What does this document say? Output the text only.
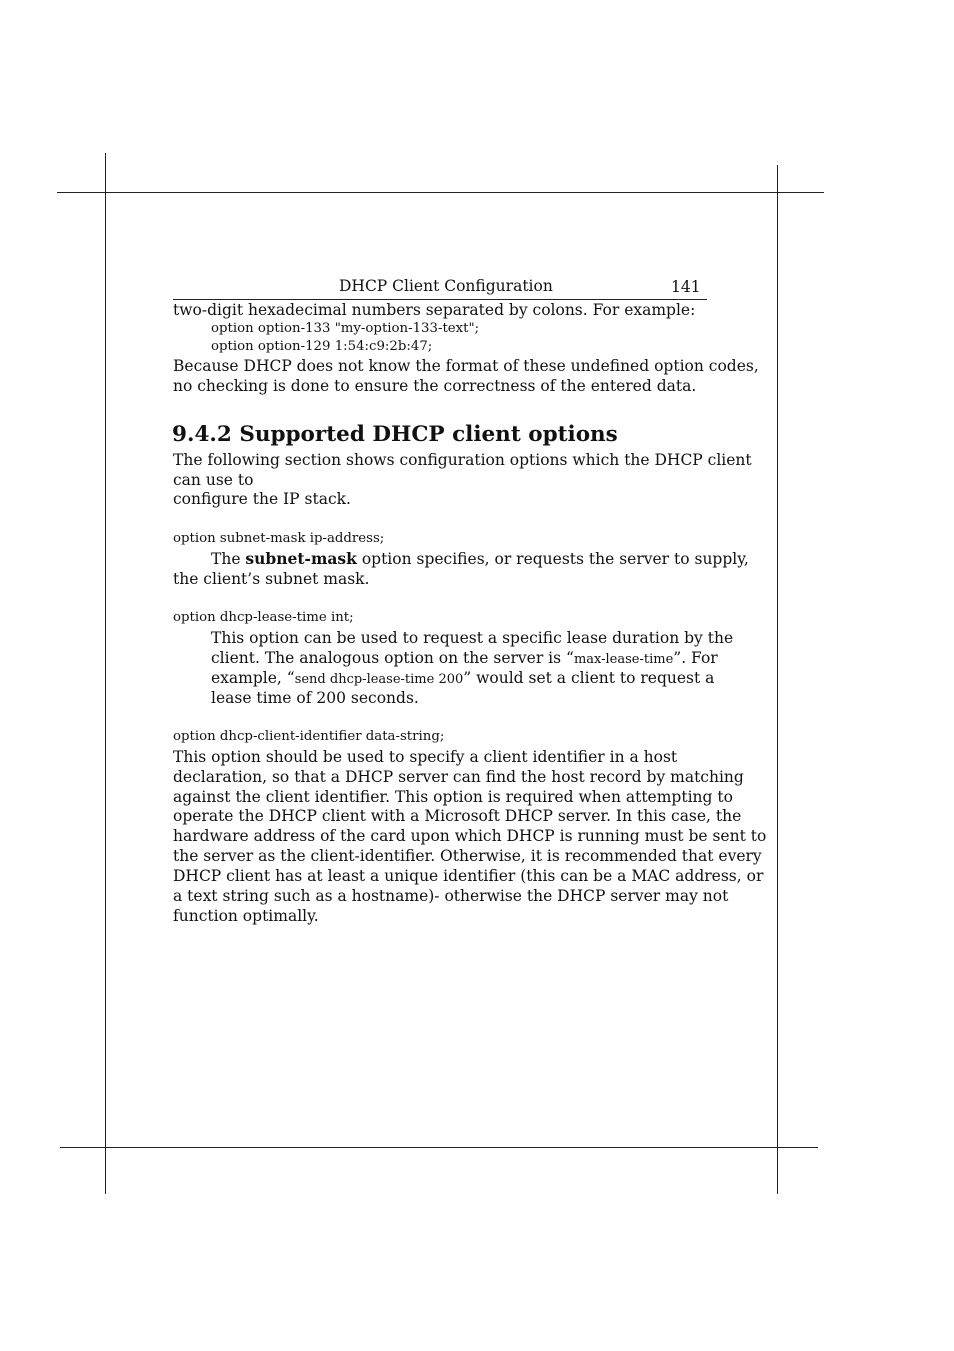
DHCP Client Configuration	141
two-digit hexadecimal numbers separated by colons. For example:
option option-133 "my-option-133-text";
option option-129 1:54:c9:2b:47;
Because DHCP does not know the format of these undefined option codes,
no checking is done to ensure the correctness of the entered data.
9.4.2 Supported DHCP client options
The following section shows configuration options which the DHCP client
can use to
configure the IP stack.
option subnet-mask ip-address;
The subnet-mask option specifies, or requests the server to supply,
the client’s subnet mask.
option dhcp-lease-time int;
This option can be used to request a specific lease duration by the
client. The analogous option on the server is “max-lease-time”. For
example, “send dhcp-lease-time 200” would set a client to request a
lease time of 200 seconds.
option dhcp-client-identifier data-string;
This option should be used to specify a client identifier in a host
declaration, so that a DHCP server can find the host record by matching
against the client identifier. This option is required when attempting to
operate the DHCP client with a Microsoft DHCP server. In this case, the
hardware address of the card upon which DHCP is running must be sent to
the server as the client-identifier. Otherwise, it is recommended that every
DHCP client has at least a unique identifier (this can be a MAC address, or
a text string such as a hostname)- otherwise the DHCP server may not
function optimally.
